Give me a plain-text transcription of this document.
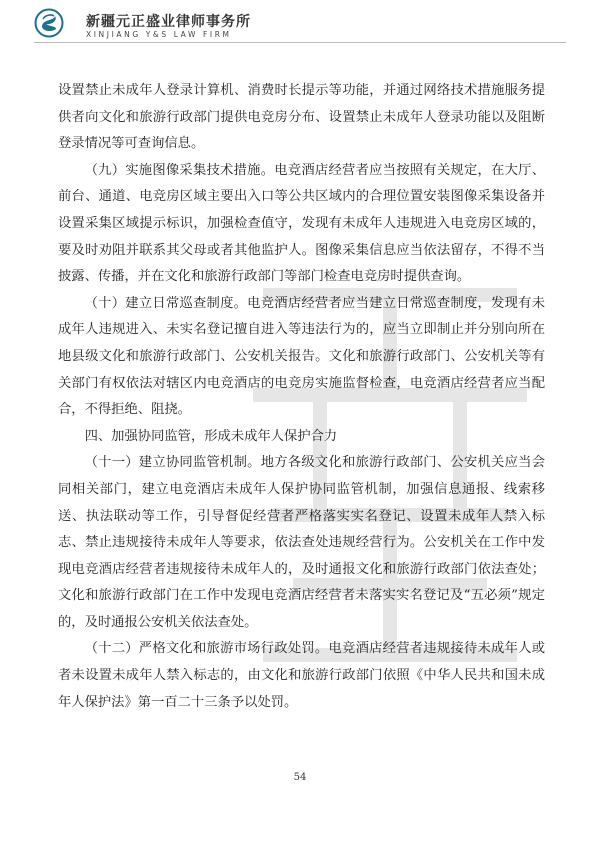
新疆元正盛业律师事务所
XINJIANG Y&S LAW FIRM

设置禁止未成年人登录计算机、消费时长提示等功能，并通过网络技术措施服务提供者向文化和旅游行政部门提供电竞房分布、设置禁止未成年人登录功能以及阻断登录情况等可查询信息。

（九）实施图像采集技术措施。电竞酒店经营者应当按照有关规定，在大厅、前台、通道、电竞房区域主要出入口等公共区域内的合理位置安装图像采集设备并设置采集区域提示标识，加强检查值守，发现有未成年人违规进入电竞房区域的，要及时劝阻并联系其父母或者其他监护人。图像采集信息应当依法留存，不得不当披露、传播，并在文化和旅游行政部门等部门检查电竞房时提供查询。

（十）建立日常巡查制度。电竞酒店经营者应当建立日常巡查制度，发现有未成年人违规进入、未实名登记擅自进入等违法行为的，应当立即制止并分别向所在地县级文化和旅游行政部门、公安机关报告。文化和旅游行政部门、公安机关等有关部门有权依法对辖区内电竞酒店的电竞房实施监督检查，电竞酒店经营者应当配合，不得拒绝、阻挠。

四、加强协同监管，形成未成年人保护合力

（十一）建立协同监管机制。地方各级文化和旅游行政部门、公安机关应当会同相关部门，建立电竞酒店未成年人保护协同监管机制，加强信息通报、线索移送、执法联动等工作，引导督促经营者严格落实实名登记、设置未成年人禁入标志、禁止违规接待未成年人等要求，依法查处违规经营行为。公安机关在工作中发现电竞酒店经营者违规接待未成年人的，及时通报文化和旅游行政部门依法查处；文化和旅游行政部门在工作中发现电竞酒店经营者未落实实名登记及“五必须”规定的，及时通报公安机关依法查处。

（十二）严格文化和旅游市场行政处罚。电竞酒店经营者违规接待未成年人或者未设置未成年人禁入标志的，由文化和旅游行政部门依照《中华人民共和国未成年人保护法》第一百二十三条予以处罚。

54
